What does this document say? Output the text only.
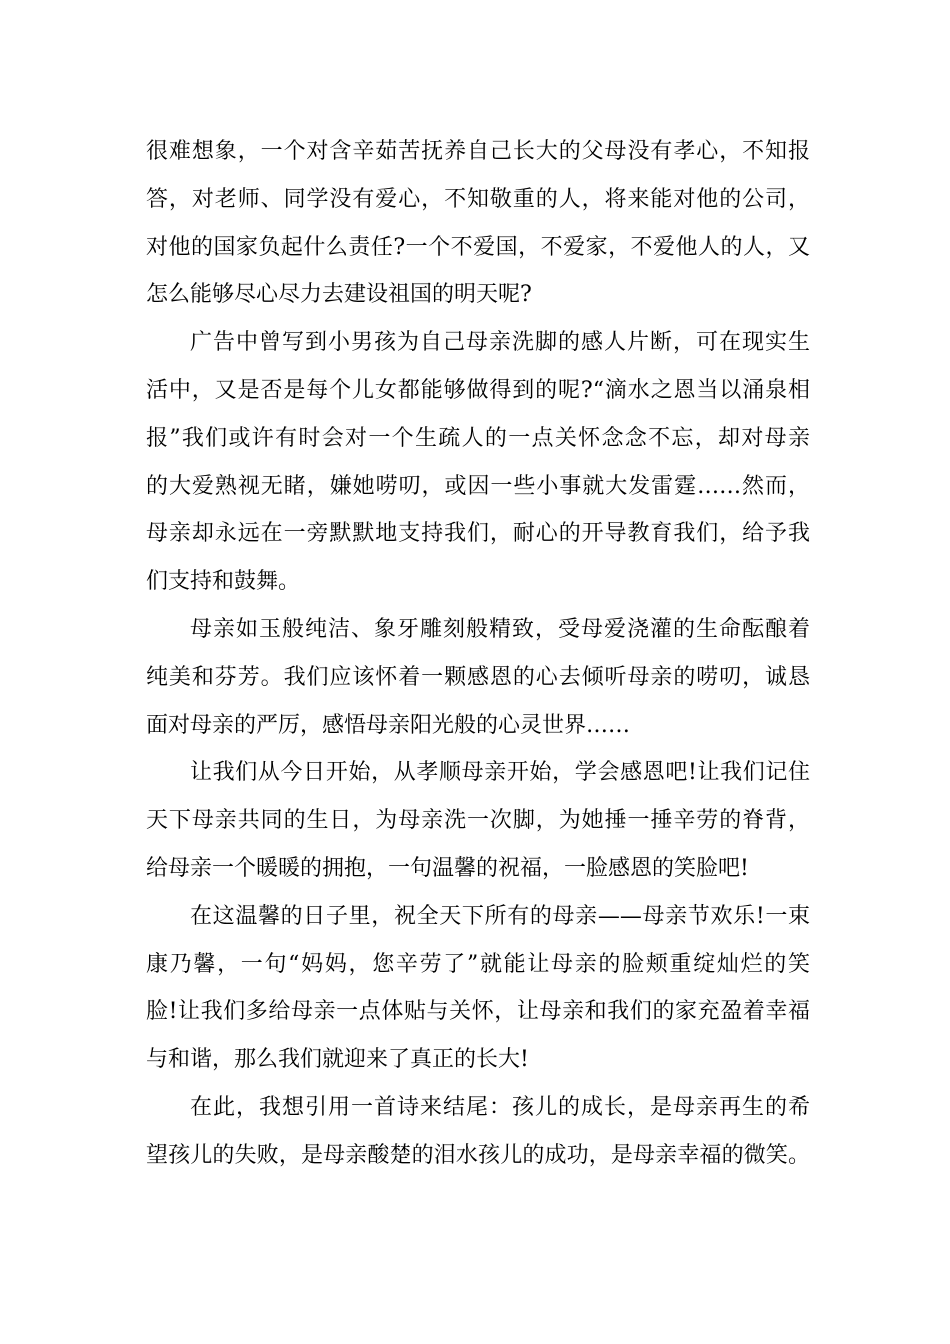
很难想象，一个对含辛茹苦抚养自己长大的父母没有孝心，不知报
答，对老师、同学没有爱心，不知敬重的人，将来能对他的公司，
对他的国家负起什么责任?一个不爱国，不爱家，不爱他人的人，又
怎么能够尽心尽力去建设祖国的明天呢?
广告中曾写到小男孩为自己母亲洗脚的感人片断，可在现实生
活中，又是否是每个儿女都能够做得到的呢?“滴水之恩当以涌泉相
报”我们或许有时会对一个生疏人的一点关怀念念不忘，却对母亲
的大爱熟视无睹，嫌她唠叨，或因一些小事就大发雷霆……然而，
母亲却永远在一旁默默地支持我们，耐心的开导教育我们，给予我
们支持和鼓舞。
母亲如玉般纯洁、象牙雕刻般精致，受母爱浇灌的生命酝酿着
纯美和芬芳。我们应该怀着一颗感恩的心去倾听母亲的唠叨，诚恳
面对母亲的严厉，感悟母亲阳光般的心灵世界……
让我们从今日开始，从孝顺母亲开始，学会感恩吧!让我们记住
天下母亲共同的生日，为母亲洗一次脚，为她捶一捶辛劳的脊背，
给母亲一个暖暖的拥抱，一句温馨的祝福，一脸感恩的笑脸吧!
在这温馨的日子里，祝全天下所有的母亲——母亲节欢乐!一束
康乃馨，一句“妈妈，您辛劳了”就能让母亲的脸颊重绽灿烂的笑
脸!让我们多给母亲一点体贴与关怀，让母亲和我们的家充盈着幸福
与和谐，那么我们就迎来了真正的长大!
在此，我想引用一首诗来结尾：孩儿的成长，是母亲再生的希
望孩儿的失败，是母亲酸楚的泪水孩儿的成功，是母亲幸福的微笑。
